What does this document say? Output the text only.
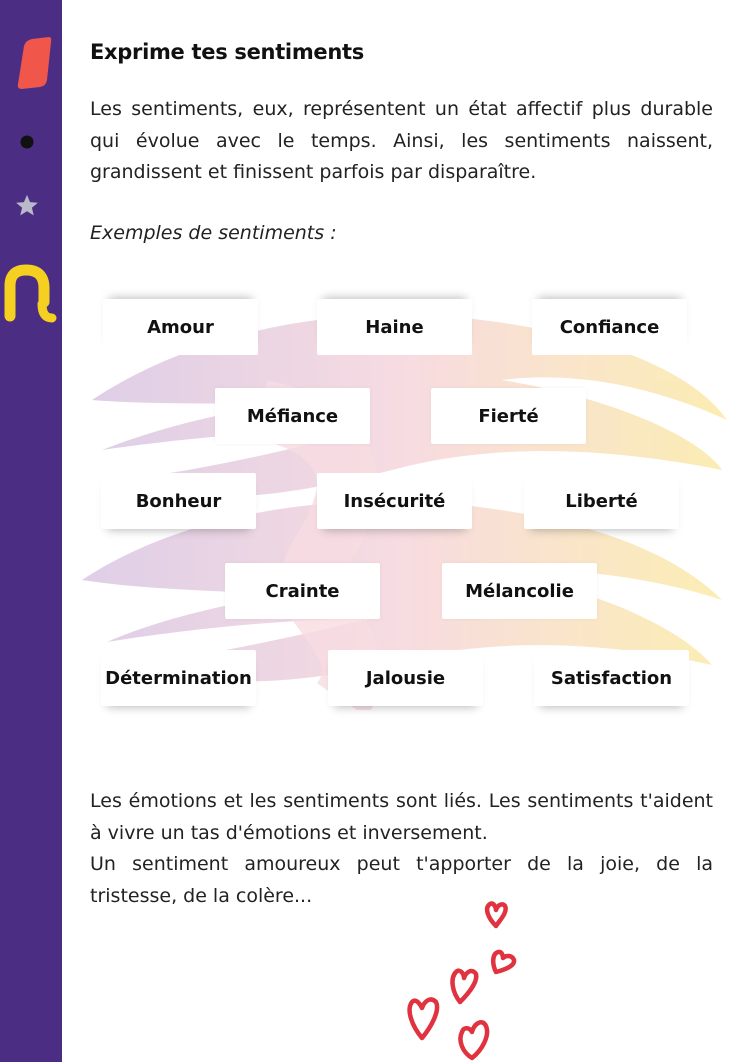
Exprime tes sentiments

Les sentiments, eux, représentent un état affectif plus durable qui évolue avec le temps. Ainsi, les sentiments naissent, grandissent et finissent parfois par disparaître.

Exemples de sentiments :
Amour	Haine	Confiance
Méfiance	Fierté
Bonheur	Insécurité	Liberté
Crainte	Mélancolie
Détermination	Jalousie	Satisfaction

Les émotions et les sentiments sont liés. Les sentiments t'aident à vivre un tas d'émotions et inversement.

Un sentiment amoureux peut t'apporter de la joie, de la tristesse, de la colère...
